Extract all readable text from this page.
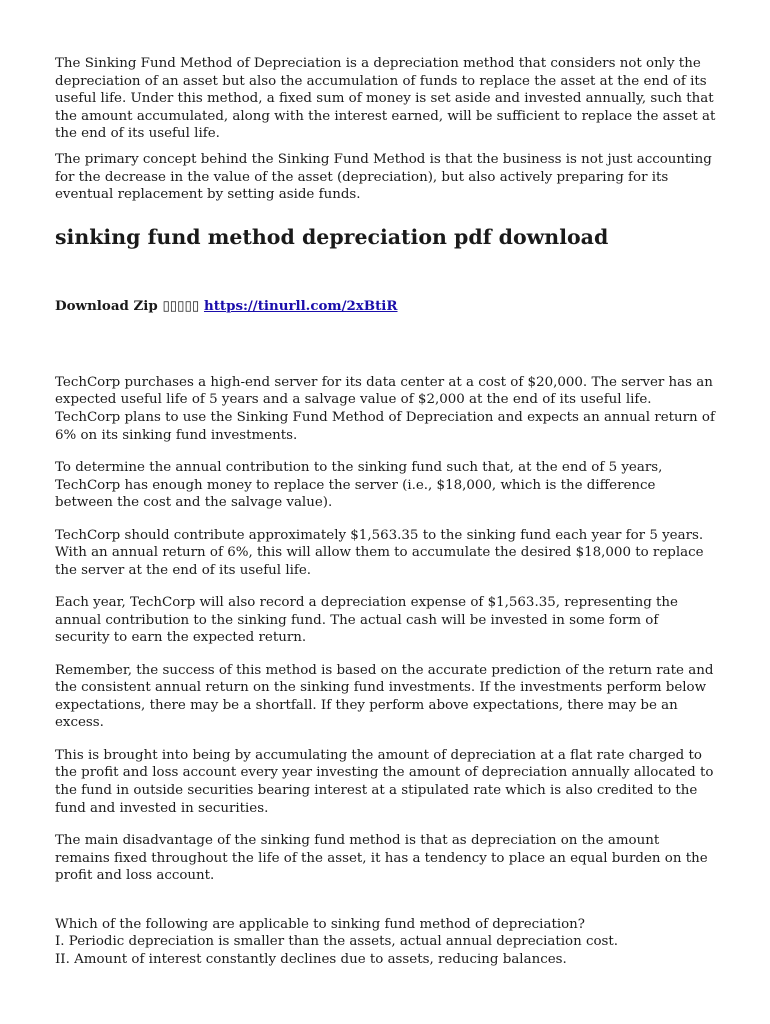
The Sinking Fund Method of Depreciation is a depreciation method that considers not only the depreciation of an asset but also the accumulation of funds to replace the asset at the end of its useful life. Under this method, a fixed sum of money is set aside and invested annually, such that the amount accumulated, along with the interest earned, will be sufficient to replace the asset at the end of its useful life.

The primary concept behind the Sinking Fund Method is that the business is not just accounting for the decrease in the value of the asset (depreciation), but also actively preparing for its eventual replacement by setting aside funds.

sinking fund method depreciation pdf download
Download Zip ▯▯▯▯▯ https://tinurll.com/2xBtiR

TechCorp purchases a high-end server for its data center at a cost of $20,000. The server has an expected useful life of 5 years and a salvage value of $2,000 at the end of its useful life. TechCorp plans to use the Sinking Fund Method of Depreciation and expects an annual return of 6% on its sinking fund investments.

To determine the annual contribution to the sinking fund such that, at the end of 5 years, TechCorp has enough money to replace the server (i.e., $18,000, which is the difference between the cost and the salvage value).

TechCorp should contribute approximately $1,563.35 to the sinking fund each year for 5 years. With an annual return of 6%, this will allow them to accumulate the desired $18,000 to replace the server at the end of its useful life.

Each year, TechCorp will also record a depreciation expense of $1,563.35, representing the annual contribution to the sinking fund. The actual cash will be invested in some form of security to earn the expected return.

Remember, the success of this method is based on the accurate prediction of the return rate and the consistent annual return on the sinking fund investments. If the investments perform below expectations, there may be a shortfall. If they perform above expectations, there may be an excess.

This is brought into being by accumulating the amount of depreciation at a flat rate charged to the profit and loss account every year investing the amount of depreciation annually allocated to the fund in outside securities bearing interest at a stipulated rate which is also credited to the fund and invested in securities.

The main disadvantage of the sinking fund method is that as depreciation on the amount remains fixed throughout the life of the asset, it has a tendency to place an equal burden on the profit and loss account.

Which of the following are applicable to sinking fund method of depreciation?

I. Periodic depreciation is smaller than the assets, actual annual depreciation cost.

II. Amount of interest constantly declines due to assets, reducing balances.
